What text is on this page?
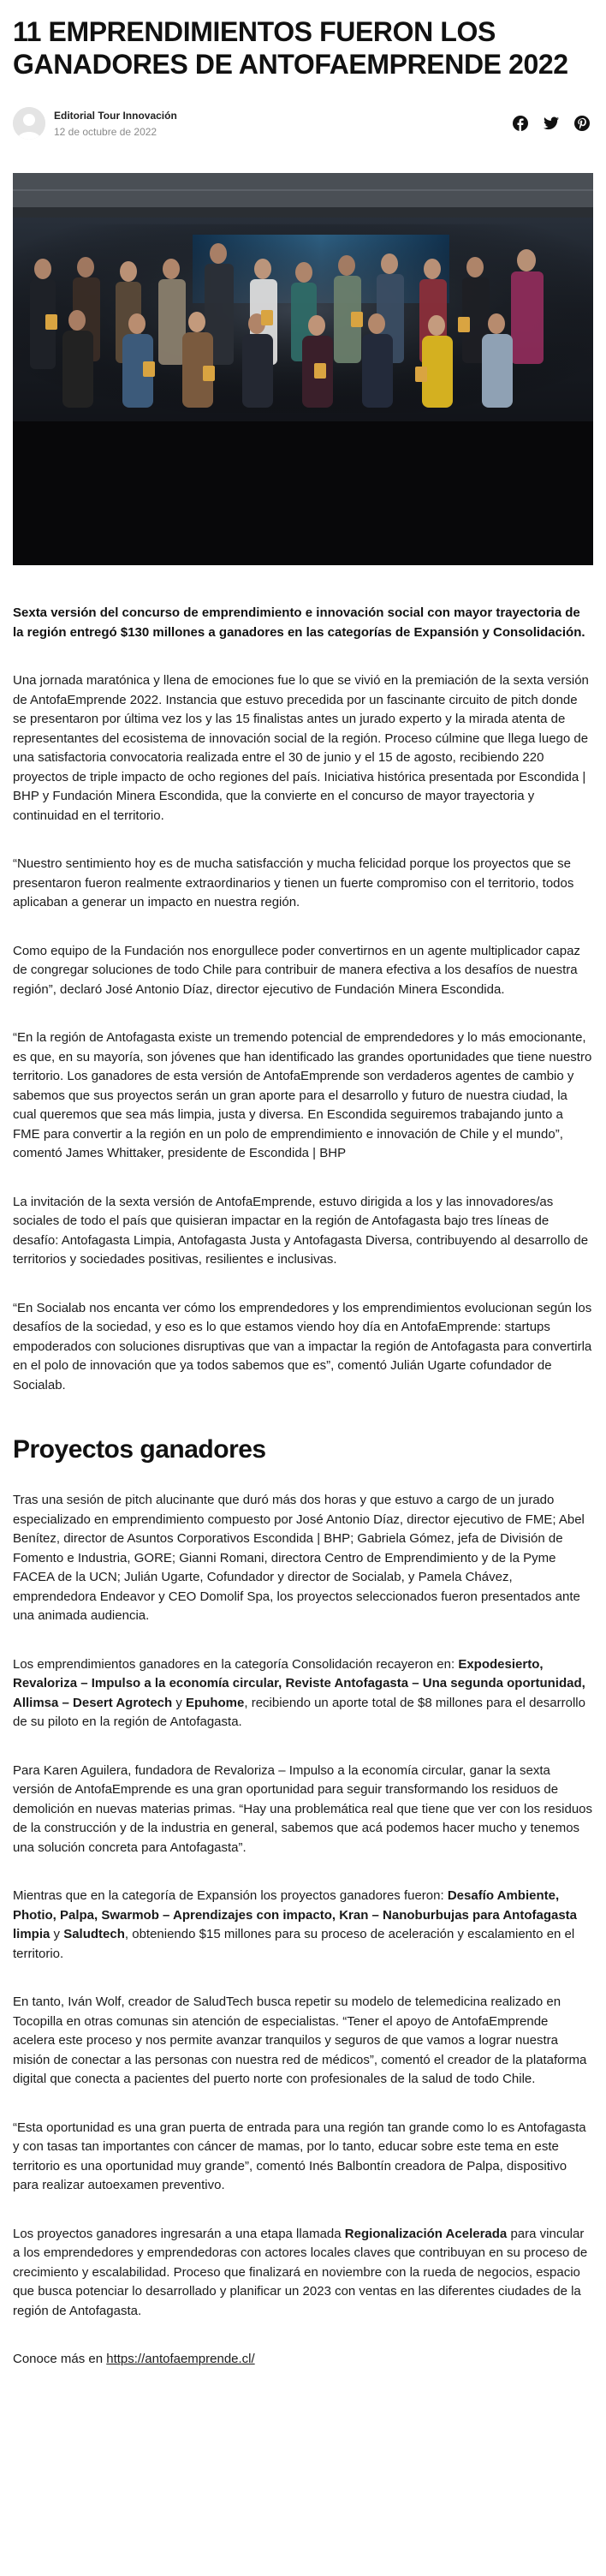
11 EMPRENDIMIENTOS FUERON LOS GANADORES DE ANTOFAEMPRENDE 2022
Editorial Tour Innovación
12 de octubre de 2022

Sexta versión del concurso de emprendimiento e innovación social con mayor trayectoria de la región entregó $130 millones a ganadores en las categorías de Expansión y Consolidación.

Una jornada maratónica y llena de emociones fue lo que se vivió en la premiación de la sexta versión de AntofaEmprende 2022. Instancia que estuvo precedida por un fascinante circuito de pitch donde se presentaron por última vez los y las 15 finalistas antes un jurado experto y la mirada atenta de representantes del ecosistema de innovación social de la región. Proceso cúlmine que llega luego de una satisfactoria convocatoria realizada entre el 30 de junio y el 15 de agosto, recibiendo 220 proyectos de triple impacto de ocho regiones del país. Iniciativa histórica presentada por Escondida | BHP y Fundación Minera Escondida, que la convierte en el concurso de mayor trayectoria y continuidad en el territorio.

“Nuestro sentimiento hoy es de mucha satisfacción y mucha felicidad porque los proyectos que se presentaron fueron realmente extraordinarios y tienen un fuerte compromiso con el territorio, todos aplicaban a generar un impacto en nuestra región.

Como equipo de la Fundación nos enorgullece poder convertirnos en un agente multiplicador capaz de congregar soluciones de todo Chile para contribuir de manera efectiva a los desafíos de nuestra región”, declaró José Antonio Díaz, director ejecutivo de Fundación Minera Escondida.

“En la región de Antofagasta existe un tremendo potencial de emprendedores y lo más emocionante, es que, en su mayoría, son jóvenes que han identificado las grandes oportunidades que tiene nuestro territorio. Los ganadores de esta versión de AntofaEmprende son verdaderos agentes de cambio y sabemos que sus proyectos serán un gran aporte para el desarrollo y futuro de nuestra ciudad, la cual queremos que sea más limpia, justa y diversa. En Escondida seguiremos trabajando junto a FME para convertir a la región en un polo de emprendimiento e innovación de Chile y el mundo”, comentó James Whittaker, presidente de Escondida | BHP

La invitación de la sexta versión de AntofaEmprende, estuvo dirigida a los y las innovadores/as sociales de todo el país que quisieran impactar en la región de Antofagasta bajo tres líneas de desafío: Antofagasta Limpia, Antofagasta Justa y Antofagasta Diversa, contribuyendo al desarrollo de territorios y sociedades positivas, resilientes e inclusivas.

“En Socialab nos encanta ver cómo los emprendedores y los emprendimientos evolucionan según los desafíos de la sociedad, y eso es lo que estamos viendo hoy día en AntofaEmprende: startups empoderados con soluciones disruptivas que van a impactar la región de Antofagasta para convertirla en el polo de innovación que ya todos sabemos que es”, comentó Julián Ugarte cofundador de Socialab.

Proyectos ganadores

Tras una sesión de pitch alucinante que duró más dos horas y que estuvo a cargo de un jurado especializado en emprendimiento compuesto por José Antonio Díaz, director ejecutivo de FME; Abel Benítez, director de Asuntos Corporativos Escondida | BHP; Gabriela Gómez, jefa de División de Fomento e Industria, GORE; Gianni Romani, directora Centro de Emprendimiento y de la Pyme FACEA de la UCN; Julián Ugarte, Cofundador y director de Socialab, y Pamela Chávez, emprendedora Endeavor y CEO Domolif Spa, los proyectos seleccionados fueron presentados ante una animada audiencia.

Los emprendimientos ganadores en la categoría Consolidación recayeron en: Expodesierto, Revaloriza – Impulso a la economía circular, Reviste Antofagasta – Una segunda oportunidad, Allimsa – Desert Agrotech y Epuhome, recibiendo un aporte total de $8 millones para el desarrollo de su piloto en la región de Antofagasta.

Para Karen Aguilera, fundadora de Revaloriza – Impulso a la economía circular, ganar la sexta versión de AntofaEmprende es una gran oportunidad para seguir transformando los residuos de demolición en nuevas materias primas. “Hay una problemática real que tiene que ver con los residuos de la construcción y de la industria en general, sabemos que acá podemos hacer mucho y tenemos una solución concreta para Antofagasta”.

Mientras que en la categoría de Expansión los proyectos ganadores fueron: Desafío Ambiente, Photio, Palpa, Swarmob – Aprendizajes con impacto, Kran – Nanoburbujas para Antofagasta limpia y Saludtech, obteniendo $15 millones para su proceso de aceleración y escalamiento en el territorio.

En tanto, Iván Wolf, creador de SaludTech busca repetir su modelo de telemedicina realizado en Tocopilla en otras comunas sin atención de especialistas. “Tener el apoyo de AntofaEmprende acelera este proceso y nos permite avanzar tranquilos y seguros de que vamos a lograr nuestra misión de conectar a las personas con nuestra red de médicos”, comentó el creador de la plataforma digital que conecta a pacientes del puerto norte con profesionales de la salud de todo Chile.

“Esta oportunidad es una gran puerta de entrada para una región tan grande como lo es Antofagasta y con tasas tan importantes con cáncer de mamas, por lo tanto, educar sobre este tema en este territorio es una oportunidad muy grande”, comentó Inés Balbontín creadora de Palpa, dispositivo para realizar autoexamen preventivo.

Los proyectos ganadores ingresarán a una etapa llamada Regionalización Acelerada para vincular a los emprendedores y emprendedoras con actores locales claves que contribuyan en su proceso de crecimiento y escalabilidad. Proceso que finalizará en noviembre con la rueda de negocios, espacio que busca potenciar lo desarrollado y planificar un 2023 con ventas en las diferentes ciudades de la región de Antofagasta.

Conoce más en https://antofaemprende.cl/
